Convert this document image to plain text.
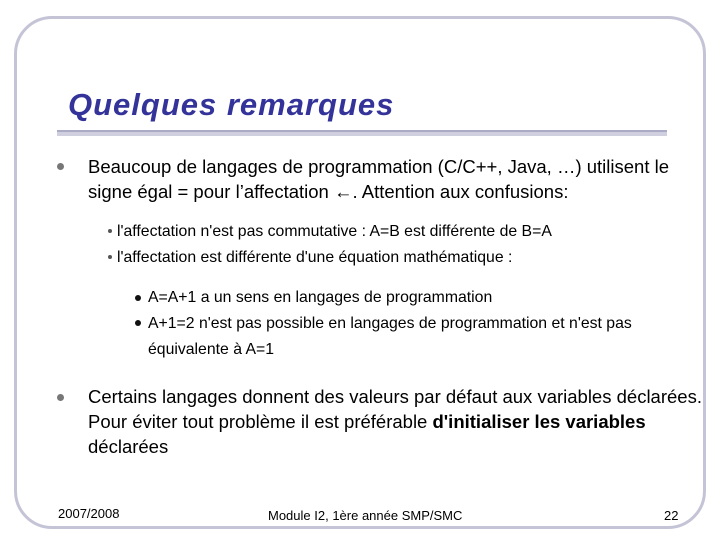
Quelques remarques
Beaucoup de langages de programmation (C/C++, Java, …) utilisent le signe égal = pour l’affectation ←. Attention aux confusions:
l'affectation n'est pas commutative : A=B est différente de B=A
l'affectation est différente d'une équation mathématique :
A=A+1 a un sens en langages de programmation
A+1=2 n'est pas possible en langages de programmation et n'est pas équivalente à A=1
Certains langages donnent des valeurs par défaut aux variables déclarées. Pour éviter tout problème il est préférable d'initialiser les variables déclarées
2007/2008	Module I2, 1ère année SMP/SMC	22
